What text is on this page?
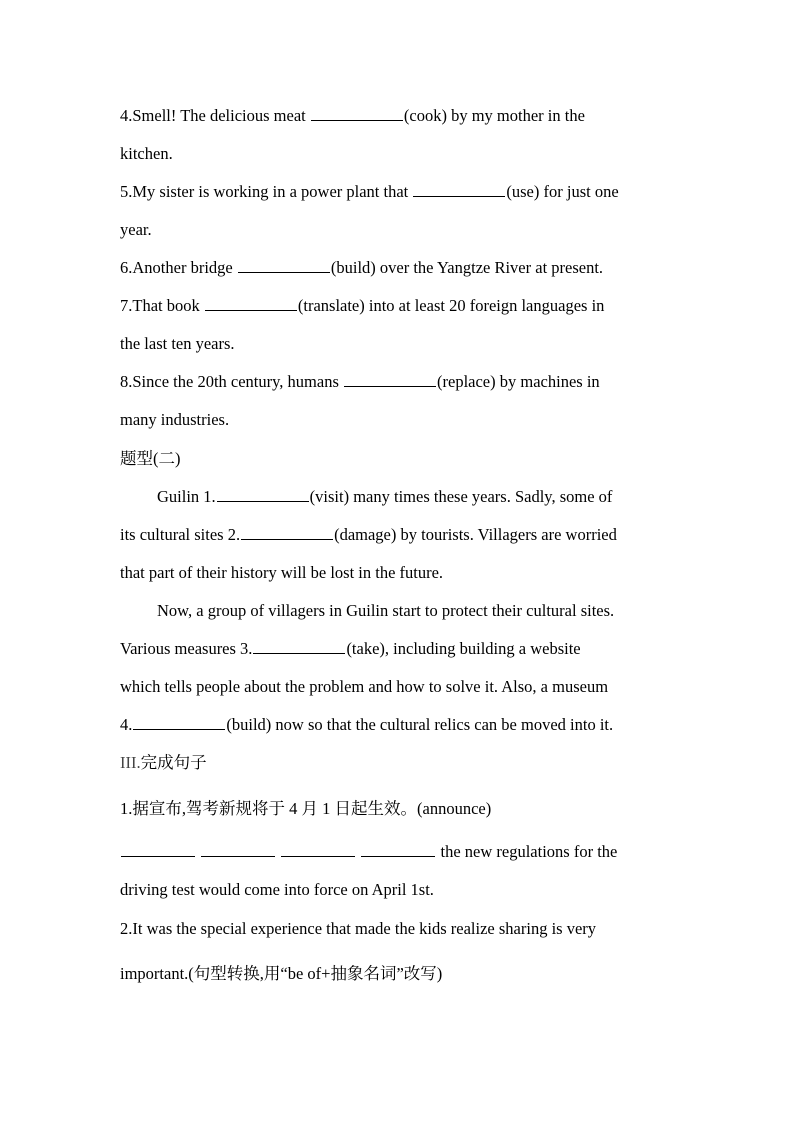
4.Smell! The delicious meat	(cook) by my mother in the
kitchen.
5.My sister is working in a power plant that	(use) for just one
year.
6.Another bridge	(build) over the Yangtze River at present.
7.That book	(translate) into at least 20 foreign languages in
the last ten years.
8.Since the 20th century, humans	(replace) by machines in
many industries.
题型(二)
Guilin 1.	(visit) many times these years. Sadly, some of
its cultural sites 2.	(damage) by tourists. Villagers are worried
that part of their history will be lost in the future.
Now, a group of villagers in Guilin start to protect their cultural sites.
Various measures 3.	(take), including building a website
which tells people about the problem and how to solve it. Also, a museum
4.	(build) now so that the cultural relics can be moved into it.
III.完成句子
1.据宣布,驾考新规将于 4 月 1 日起生效。(announce)
the new regulations for the
driving test would come into force on April 1st.
2.It was the special experience that made the kids realize sharing is very
important.(句型转换,用“be of+抽象名词”改写)
